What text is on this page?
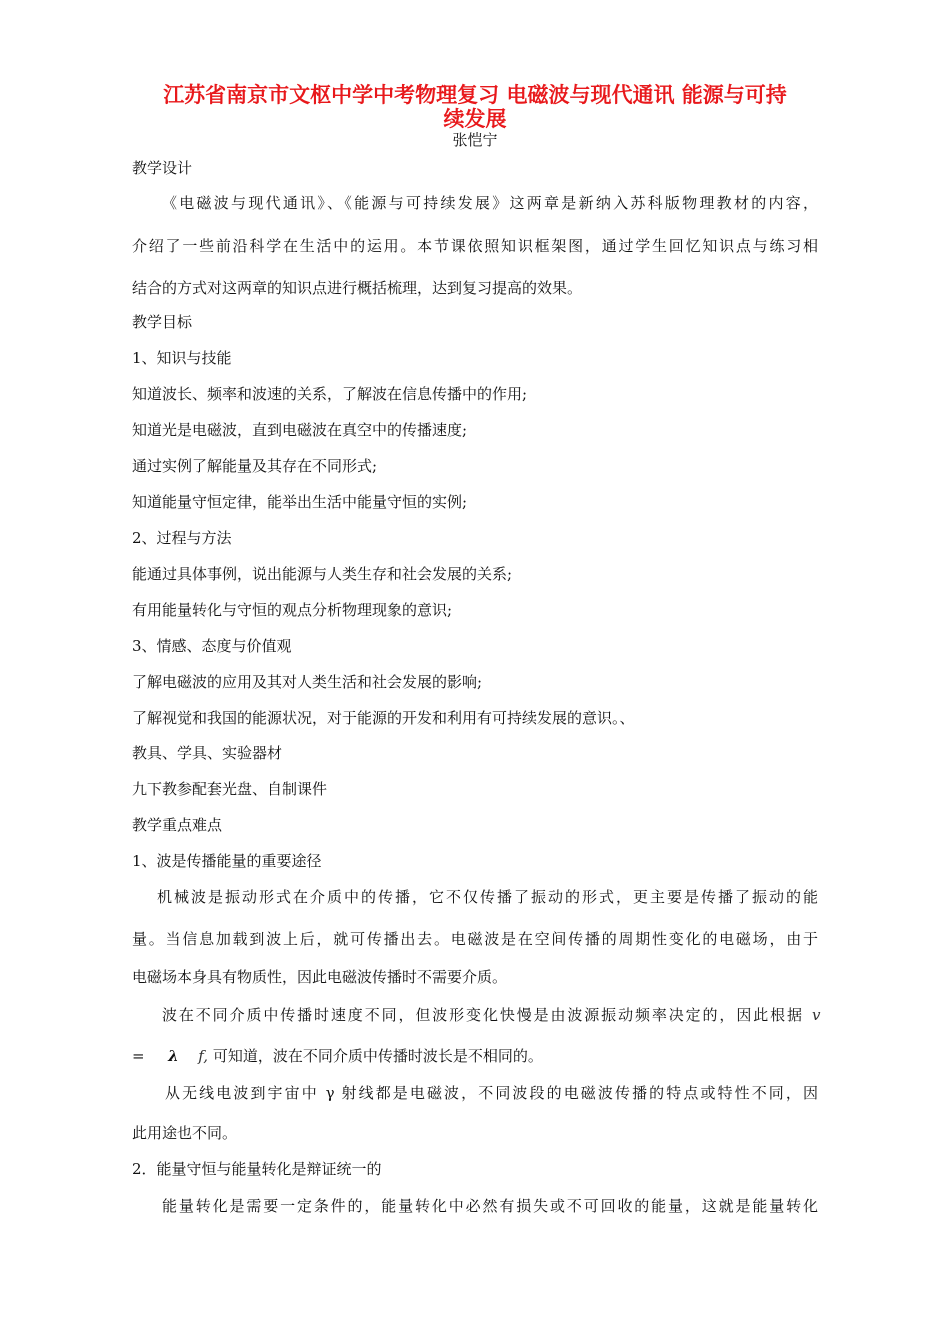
江苏省南京市文枢中学中考物理复习 电磁波与现代通讯 能源与可持
续发展
张恺宁
教学设计
《电磁波与现代通讯》、《能源与可持续发展》这两章是新纳入苏科版物理教材的内容，
介绍了一些前沿科学在生活中的运用。本节课依照知识框架图，通过学生回忆知识点与练习相
结合的方式对这两章的知识点进行概括梳理，达到复习提高的效果。
教学目标
1、知识与技能
知道波长、频率和波速的关系，了解波在信息传播中的作用;
知道光是电磁波，直到电磁波在真空中的传播速度;
通过实例了解能量及其存在不同形式;
知道能量守恒定律，能举出生活中能量守恒的实例;
2、过程与方法
能通过具体事例，说出能源与人类生存和社会发展的关系;
有用能量转化与守恒的观点分析物理现象的意识;
3、情感、态度与价值观
了解电磁波的应用及其对人类生活和社会发展的影响;
了解视觉和我国的能源状况，对于能源的开发和利用有可持续发展的意识。、
教具、学具、实验器材
九下教参配套光盘、自制课件
教学重点难点
1、波是传播能量的重要途径
机械波是振动形式在介质中的传播，它不仅传播了振动的形式，更主要是传播了振动的能
量。当信息加载到波上后，就可传播出去。电磁波是在空间传播的周期性变化的电磁场，由于
电磁场本身具有物质性，因此电磁波传播时不需要介质。
波在不同介质中传播时速度不同，但波形变化快慢是由波源振动频率决定的，因此根据 v
= λ f, 可知道，波在不同介质中传播时波长是不相同的。
从无线电波到宇宙中 γ 射线都是电磁波，不同波段的电磁波传播的特点或特性不同，因
此用途也不同。
2．能量守恒与能量转化是辩证统一的
能量转化是需要一定条件的，能量转化中必然有损失或不可回收的能量，这就是能量转化
